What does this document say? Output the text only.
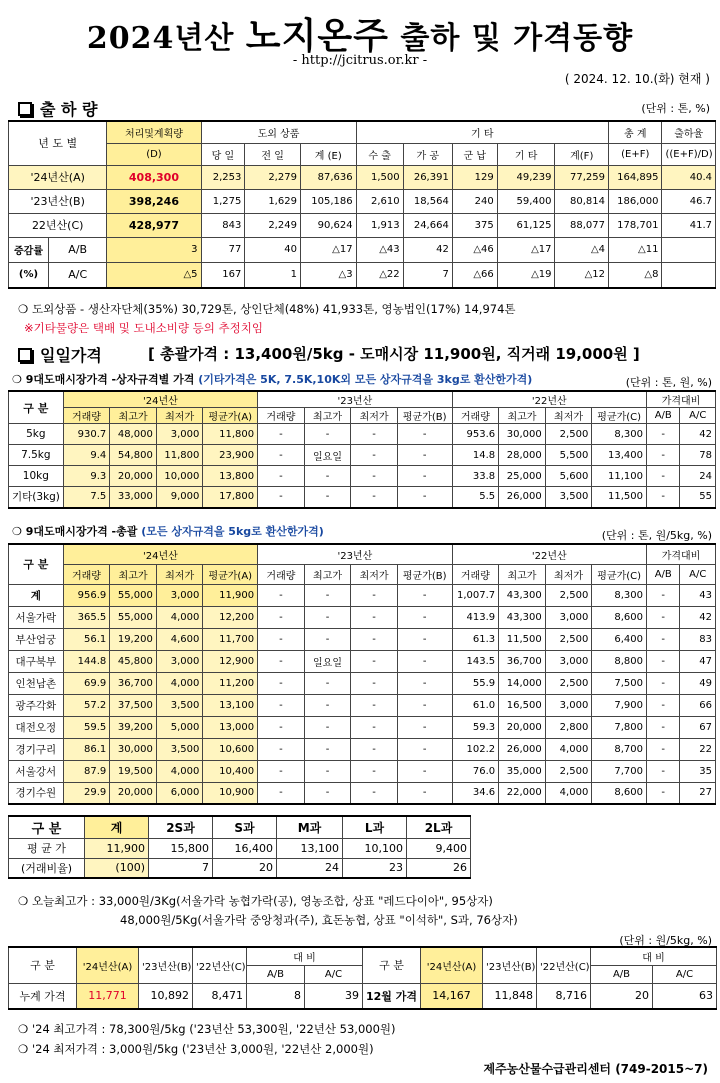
2024년산 노지온주 출하 및 가격동향
- http://jcitrus.or.kr -
( 2024. 12. 10.(화) 현재 )
출 하 량	(단위 : 톤, %)
년 도 별	처리및계획량	도외 상품			기 타					총 계	출하율
	(D)	당 일	전 일	계 (E)	수 출	가 공	군 납	기 타	계(F)	(E+F)	((E+F)/D)
'24년산(A)	408,300	2,253	2,279	87,636	1,500	26,391	129	49,239	77,259	164,895	40.4
'23년산(B)	398,246	1,275	1,629	105,186	2,610	18,564	240	59,400	80,814	186,000	46.7
22년산(C)	428,977	843	2,249	90,624	1,913	24,664	375	61,125	88,077	178,701	41.7

증감률 A/B	3	77	40	△17	△43	42	△46	△17	△4	△11	

(%) A/C	△5	167	1	△3	△22	7	△66	△19	△12	△8	
❍ 도외상품 - 생산자단체(35%) 30,729톤, 상인단체(48%) 41,933톤, 영농법인(17%) 14,974톤
※기타물량은 택배 및 도내소비량 등의 추정치임
일일가격	[ 총괄가격 : 13,400원/5kg - 도매시장 11,900원, 직거래 19,000원 ]
❍ 9대도매시장가격 -상자규격별 가격 (기타가격은 5K, 7.5K,10K외 모든 상자규격을 3kg로 환산한가격)	(단위 : 톤, 원, %)
구 분	'24년산				'23년산				'22년산				가격대비	
	거래량	최고가	최저가	평균가(A)	거래량	최고가	최저가	평균가(B)	거래량	최고가	최저가	평균가(C)	A/B	A/C
5kg	930.7	48,000	3,000	11,800	-	-	-	-	953.6	30,000	2,500	8,300	-	42
7.5kg	9.4	54,800	11,800	23,900	-	일요일	-	-	14.8	28,000	5,500	13,400	-	78
10kg	9.3	20,000	10,000	13,800	-	-	-	-	33.8	25,000	5,600	11,100	-	24
기타(3kg)	7.5	33,000	9,000	17,800	-	-	-	-	5.5	26,000	3,500	11,500	-	55
❍ 9대도매시장가격 -총괄 (모든 상자규격을 5kg로 환산한가격)	(단위 : 톤, 원/5kg, %)
구 분	'24년산				'23년산				'22년산				가격대비	
	거래량	최고가	최저가	평균가(A)	거래량	최고가	최저가	평균가(B)	거래량	최고가	최저가	평균가(C)	A/B	A/C
계	956.9	55,000	3,000	11,900	-	-	-	-	1,007.7	43,300	2,500	8,300	-	43
서울가락	365.5	55,000	4,000	12,200	-	-	-	-	413.9	43,300	3,000	8,600	-	42
부산엄궁	56.1	19,200	4,600	11,700	-	-	-	-	61.3	11,500	2,500	6,400	-	83
대구북부	144.8	45,800	3,000	12,900	-	일요일	-	-	143.5	36,700	3,000	8,800	-	47
인천남촌	69.9	36,700	4,000	11,200	-	-	-	-	55.9	14,000	2,500	7,500	-	49
광주각화	57.2	37,500	3,500	13,100	-	-	-	-	61.0	16,500	3,000	7,900	-	66
대전오정	59.5	39,200	5,000	13,000	-	-	-	-	59.3	20,000	2,800	7,800	-	67
경기구리	86.1	30,000	3,500	10,600	-	-	-	-	102.2	26,000	4,000	8,700	-	22
서울강서	87.9	19,500	4,000	10,400	-	-	-	-	76.0	35,000	2,500	7,700	-	35
경기수원	29.9	20,000	6,000	10,900	-	-	-	-	34.6	22,000	4,000	8,600	-	27
구 분	계	2S과	S과	M과	L과	2L과
평 균 가	11,900	15,800	16,400	13,100	10,100	9,400
(거래비율)	(100)	7	20	24	23	26
❍ 오늘최고가 : 33,000원/3Kg(서울가락 농협가락(공), 영농조합, 상표 "레드다이아", 95상자)
48,000원/5Kg(서울가락 중앙청과(주), 효돈농협, 상표 "이석하", S과, 76상자)
(단위 : 원/5kg, %)
구 분	'24년산(A)	'23년산(B)	'22년산(C)	대 비		구 분	'24년산(A)	'23년산(B)	'22년산(C)	대 비	
				A/B	A/C					A/B	A/C
누계 가격	11,771	10,892	8,471	8	39	12월 가격	14,167	11,848	8,716	20	63
❍ '24 최고가격 : 78,300원/5kg ('23년산 53,300원, '22년산 53,000원)
❍ '24 최저가격 : 3,000원/5kg ('23년산 3,000원, '22년산 2,000원)
제주농산물수급관리센터 (749-2015~7)
